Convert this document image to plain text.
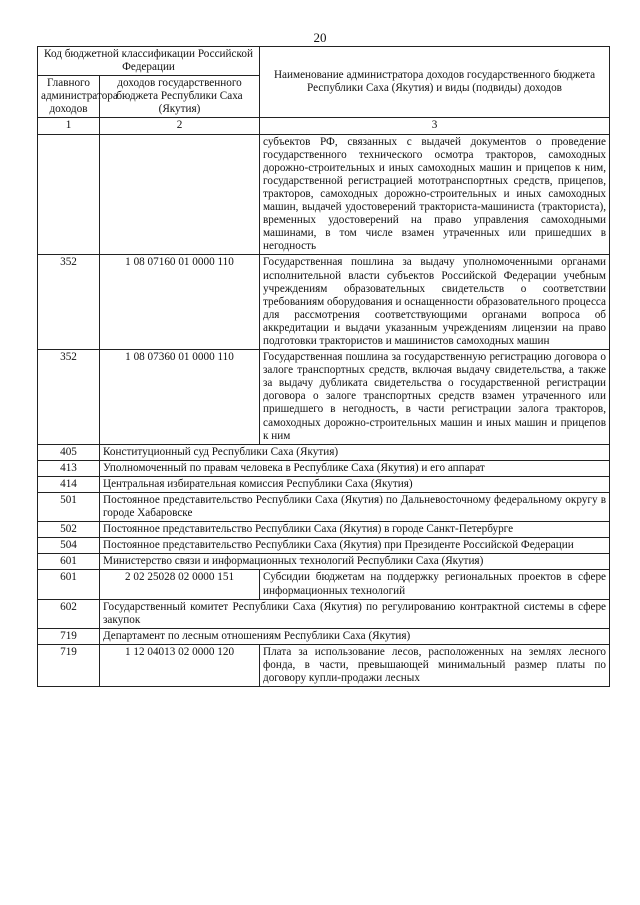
20
Код бюджетной классификации Российской Федерации		Наименование администратора доходов государственного бюджета Республики Саха (Якутия) и виды (подвиды) доходов
Главного администратора доходов	доходов государственного бюджета Республики Саха (Якутия)	
1	2	3
		субъектов РФ, связанных с выдачей документов о проведение государственного технического осмотра тракторов, самоходных дорожно-строительных и иных самоходных машин и прицепов к ним, государственной регистрацией мототранспортных средств, прицепов, тракторов, самоходных дорожно-строительных и иных самоходных машин, выдачей удостоверений тракториста-машиниста (тракториста), временных удостоверений на право управления самоходными машинами, в том числе взамен утраченных или пришедших в негодность
352	1 08 07160 01 0000 110	Государственная пошлина за выдачу уполномоченными органами исполнительной власти субъектов Российской Федерации учебным учреждениям образовательных свидетельств о соответствии требованиям оборудования и оснащенности образовательного процесса для рассмотрения соответствующими органами вопроса об аккредитации и выдачи указанным учреждениям лицензии на право подготовки трактористов и машинистов самоходных машин
352	1 08 07360 01 0000 110	Государственная пошлина за государственную регистрацию договора о залоге транспортных средств, включая выдачу свидетельства, а также за выдачу дубликата свидетельства о государственной регистрации договора о залоге транспортных средств взамен утраченного или пришедшего в негодность, в части регистрации залога тракторов, самоходных дорожно-строительных машин и иных машин и прицепов к ним
405	Конституционный суд Республики Саха (Якутия)	
413	Уполномоченный по правам человека в Республике Саха (Якутия) и его аппарат	
414	Центральная избирательная комиссия Республики Саха (Якутия)	
501	Постоянное представительство Республики Саха (Якутия) по Дальневосточному федеральному округу в городе Хабаровске	
502	Постоянное представительство Республики Саха (Якутия) в городе Санкт-Петербурге	
504	Постоянное представительство Республики Саха (Якутия) при Президенте Российской Федерации	
601	Министерство связи и информационных технологий Республики Саха (Якутия)	
601	2 02 25028 02 0000 151	Субсидии бюджетам на поддержку региональных проектов в сфере информационных технологий
602	Государственный комитет Республики Саха (Якутия) по регулированию контрактной системы в сфере закупок	
719	Департамент по лесным отношениям Республики Саха (Якутия)	
719	1 12 04013 02 0000 120	Плата за использование лесов, расположенных на землях лесного фонда, в части, превышающей минимальный размер платы по договору купли-продажи лесных
